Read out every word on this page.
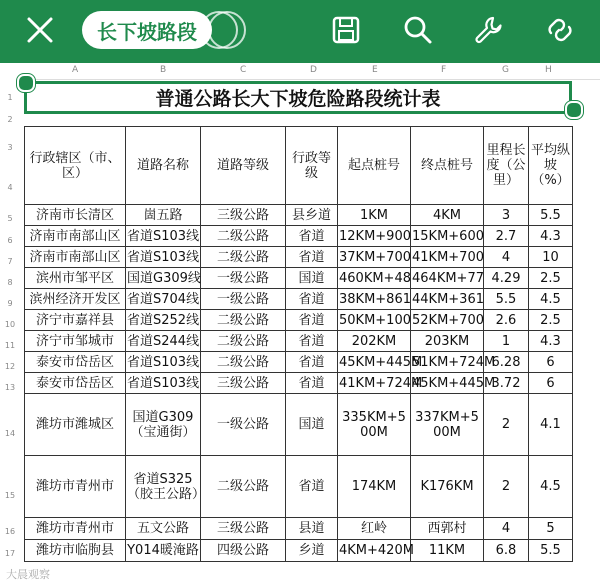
长下坡路段
A	B	C	D	E	F	G	H
1
2
3
4
5
6
7
8
9
10
11
12
13
14
15
16
17
普通公路长大下坡危险路段统计表
行政辖区（市、区）	道路名称	道路等级	行政等级	起点桩号	终点桩号	里程长度（公里）	平均纵坡（%）
济南市长清区	崮五路	三级公路	县乡道	1KM	4KM	3	5.5
济南市南部山区	省道S103线	二级公路	省道	12KM+900	15KM+600	2.7	4.3
济南市南部山区	省道S103线	二级公路	省道	37KM+700	41KM+700	4	10
滨州市邹平区	国道G309线	一级公路	国道	460KM+48	464KM+77	4.29	2.5
滨州经济开发区	省道S704线	一级公路	省道	38KM+861	44KM+361	5.5	4.5
济宁市嘉祥县	省道S252线	二级公路	省道	50KM+100	52KM+700	2.6	2.5
济宁市邹城市	省道S244线	二级公路	省道	202KM	203KM	1	4.3
泰安市岱岳区	省道S103线	二级公路	省道	45KM+445M	51KM+724M	6.28	6
泰安市岱岳区	省道S103线	三级公路	省道	41KM+724M	45KM+445M	3.72	6
潍坊市潍城区	国道G309（宝通街）	一级公路	国道	335KM+500M	337KM+500M	2	4.1
潍坊市青州市	省道S325（胶王公路）	二级公路	省道	174KM	K176KM	2	4.5
潍坊市青州市	五文公路	三级公路	县道	红岭	西郭村	4	5
潍坊市临朐县	Y014暖淹路	四级公路	乡道	4KM+420M	11KM	6.8	5.5
大晨观察
